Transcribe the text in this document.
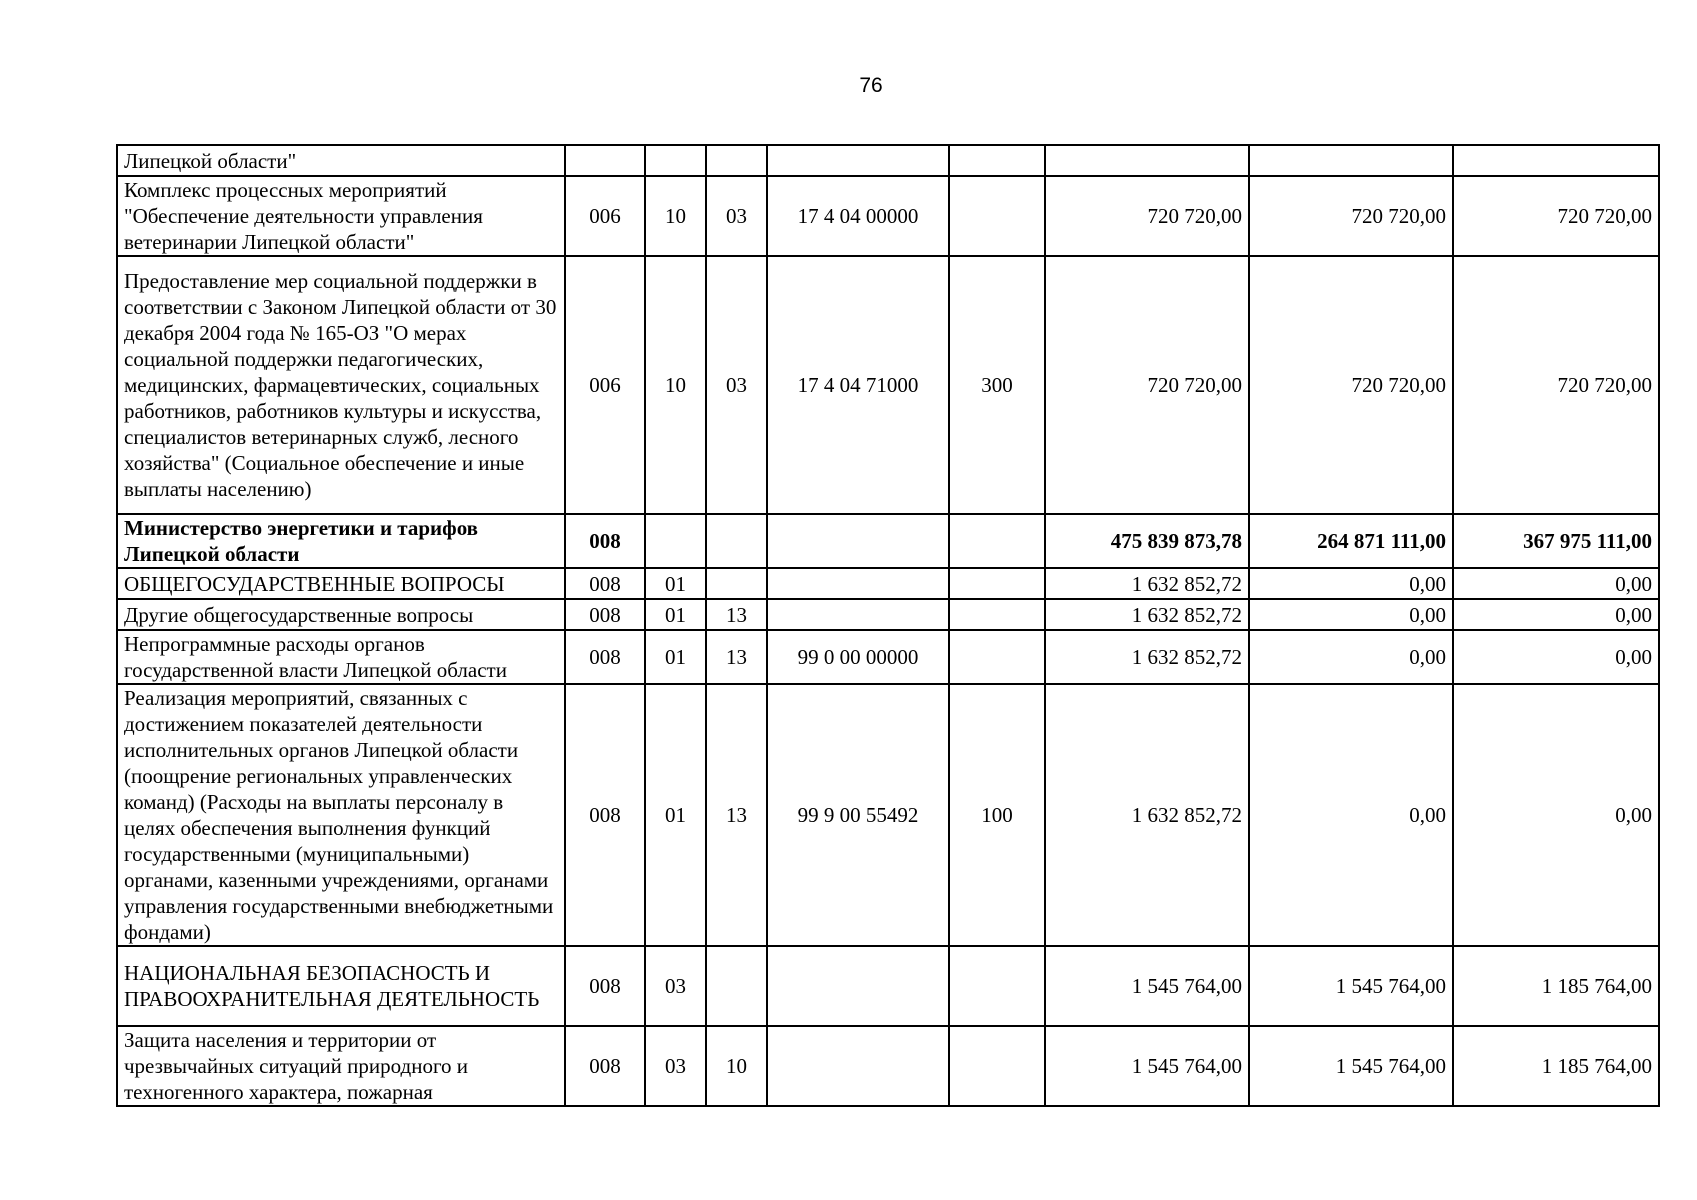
76
Липецкой области"								
Комплекс процессных мероприятий "Обеспечение деятельности управления ветеринарии Липецкой области"	006	10	03	17 4 04 00000		720 720,00	720 720,00	720 720,00
Предоставление мер социальной поддержки в соответствии с Законом Липецкой области от 30 декабря 2004 года № 165-ОЗ "О мерах социальной поддержки педагогических, медицинских, фармацевтических, социальных работников, работников культуры и искусства, специалистов ветеринарных служб, лесного хозяйства" (Социальное обеспечение и иные выплаты населению)	006	10	03	17 4 04 71000	300	720 720,00	720 720,00	720 720,00
Министерство энергетики и тарифов Липецкой области	008					475 839 873,78	264 871 111,00	367 975 111,00
ОБЩЕГОСУДАРСТВЕННЫЕ ВОПРОСЫ	008	01				1 632 852,72	0,00	0,00
Другие общегосударственные вопросы	008	01	13			1 632 852,72	0,00	0,00
Непрограммные расходы органов государственной власти Липецкой области	008	01	13	99 0 00 00000		1 632 852,72	0,00	0,00
Реализация мероприятий, связанных с достижением показателей деятельности исполнительных органов Липецкой области (поощрение региональных управленческих команд) (Расходы на выплаты персоналу в целях обеспечения выполнения функций государственными (муниципальными) органами, казенными учреждениями, органами управления государственными внебюджетными фондами)	008	01	13	99 9 00 55492	100	1 632 852,72	0,00	0,00
НАЦИОНАЛЬНАЯ БЕЗОПАСНОСТЬ И ПРАВООХРАНИТЕЛЬНАЯ ДЕЯТЕЛЬНОСТЬ	008	03				1 545 764,00	1 545 764,00	1 185 764,00
Защита населения и территории от чрезвычайных ситуаций природного и техногенного характера, пожарная	008	03	10			1 545 764,00	1 545 764,00	1 185 764,00
